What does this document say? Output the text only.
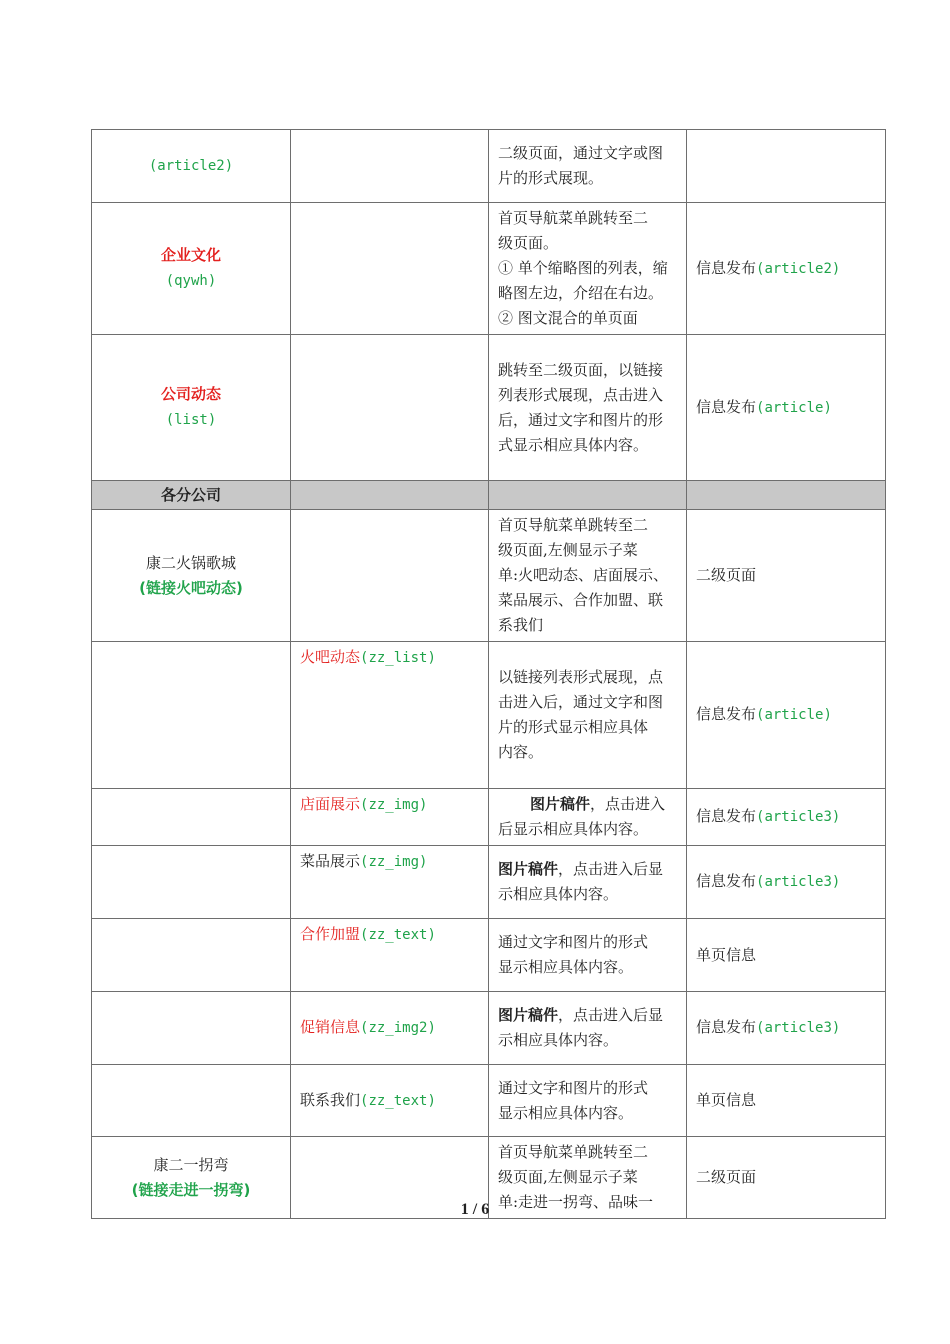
(article2)		二级页面，通过文字或图
片的形式展现。	
企业文化
(qywh)		首页导航菜单跳转至二
级页面。
① 单个缩略图的列表，缩
略图左边，介绍在右边。
② 图文混合的单页面	信息发布(article2)
公司动态
(list)		跳转至二级页面，以链接
列表形式展现，点击进入
后，通过文字和图片的形
式显示相应具体内容。	信息发布(article)
各分公司			
康二火锅歌城
(链接火吧动态)		首页导航菜单跳转至二
级页面,左侧显示子菜
单:火吧动态、店面展示、
菜品展示、合作加盟、联
系我们	二级页面
	火吧动态(zz_list)	以链接列表形式展现，点
击进入后，通过文字和图
片的形式显示相应具体
内容。	信息发布(article)
	店面展示(zz_img)	图片稿件，点击进入
后显示相应具体内容。	信息发布(article3)
	菜品展示(zz_img)	图片稿件，点击进入后显
示相应具体内容。	信息发布(article3)
	合作加盟(zz_text)	通过文字和图片的形式
显示相应具体内容。	单页信息
	促销信息(zz_img2)	图片稿件，点击进入后显
示相应具体内容。	信息发布(article3)
	联系我们(zz_text)	通过文字和图片的形式
显示相应具体内容。	单页信息
康二一拐弯
(链接走进一拐弯)		首页导航菜单跳转至二
级页面,左侧显示子菜
单:走进一拐弯、品味一	二级页面
1 / 6
